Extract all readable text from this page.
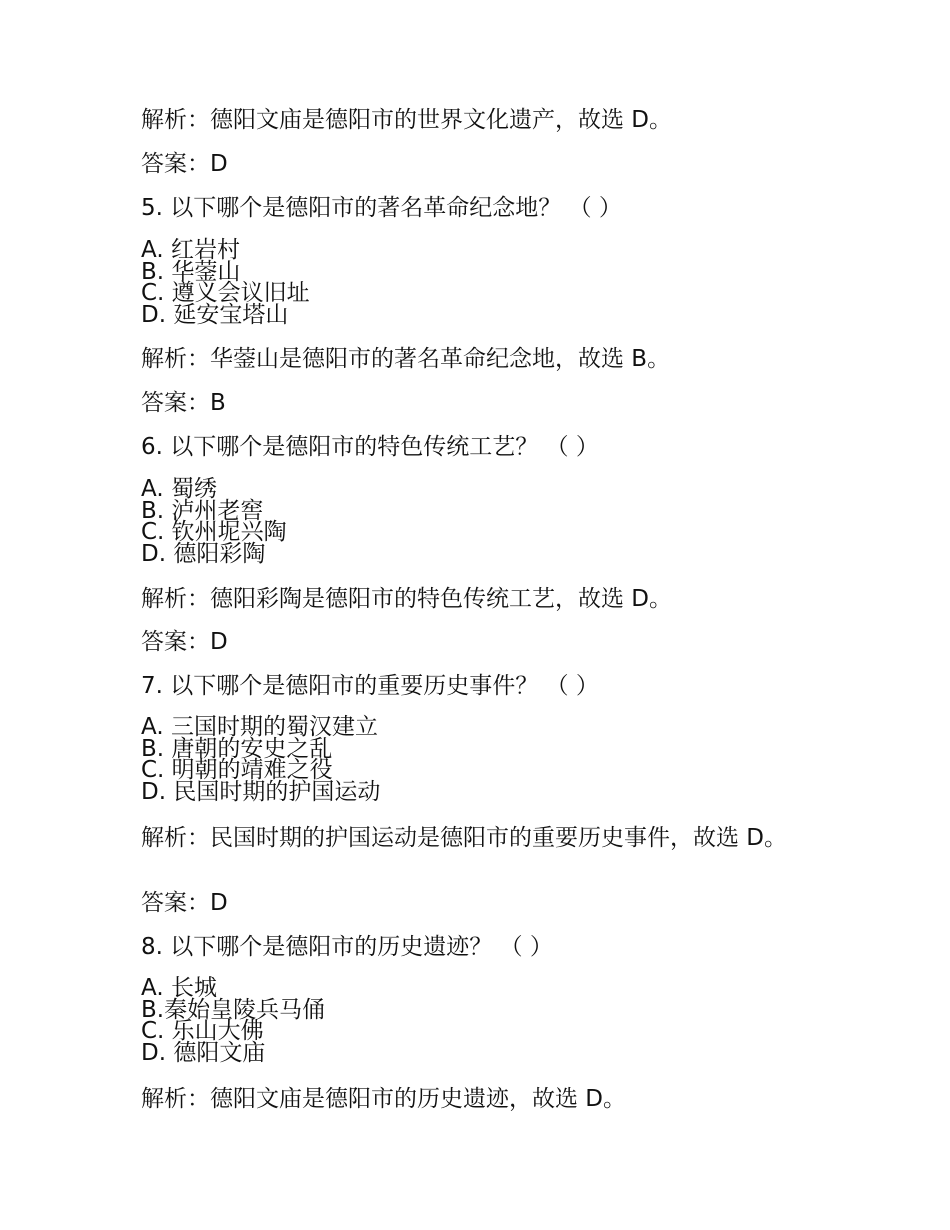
解析：德阳文庙是德阳市的世界文化遗产，故选 D。
答案：D
5. 以下哪个是德阳市的著名革命纪念地？ （ ）
A. 红岩村
B. 华蓥山
C. 遵义会议旧址
D. 延安宝塔山
解析：华蓥山是德阳市的著名革命纪念地，故选 B。
答案：B
6. 以下哪个是德阳市的特色传统工艺？ （ ）
A. 蜀绣
B. 泸州老窖
C. 钦州坭兴陶
D. 德阳彩陶
解析：德阳彩陶是德阳市的特色传统工艺，故选 D。
答案：D
7. 以下哪个是德阳市的重要历史事件？ （ ）
A. 三国时期的蜀汉建立
B. 唐朝的安史之乱
C. 明朝的靖难之役
D. 民国时期的护国运动
解析：民国时期的护国运动是德阳市的重要历史事件，故选 D。
答案：D
8. 以下哪个是德阳市的历史遗迹？ （ ）
A. 长城
B.秦始皇陵兵马俑
C. 乐山大佛
D. 德阳文庙
解析：德阳文庙是德阳市的历史遗迹，故选 D。
